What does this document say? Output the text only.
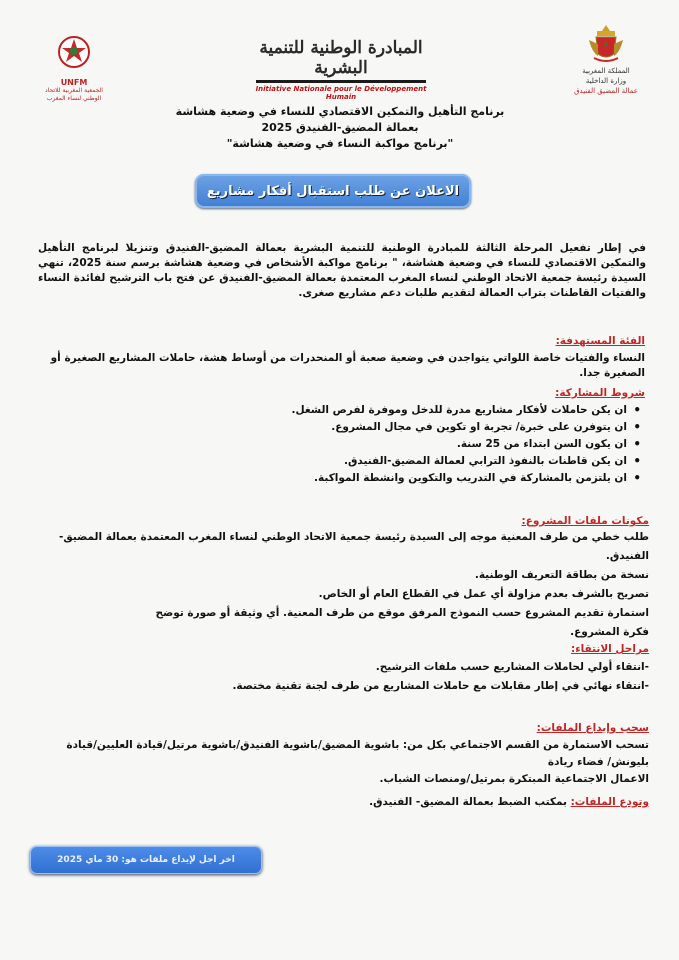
المملكة المغربية
وزارة الداخلية
عمالة المضيق الفنيدق
المبادرة الوطنية للتنمية البشرية
Initiative Nationale pour le Développement Humain
UNFM
الجمعية المغربية للاتحاد
الوطني لنساء المغرب
برنامج التأهيل والتمكين الاقتصادي للنساء في وضعية هشاشة
بعمالة المضيق-الفنيدق 2025
"برنامج مواكبة النساء في وضعية هشاشة"
الاعلان عن طلب استقبال أفكار مشاريع
في إطار تفعيل المرحلة الثالثة للمبادرة الوطنية للتنمية البشرية بعمالة المضيق-الفنيدق وتنزيلا لبرنامج التأهيل والتمكين الاقتصادي للنساء في وضعية هشاشة، " برنامج مواكبة الأشخاص في وضعية هشاشة برسم سنة 2025، تنهي السيدة رئيسة جمعية الاتحاد الوطني لنساء المغرب المعتمدة بعمالة المضيق-الفنيدق عن فتح باب الترشيح لفائدة النساء والفتيات القاطنات بتراب العمالة لتقديم طلبات دعم مشاريع صغرى.
الفئة المستهدفة:
النساء والفتيات خاصة اللواتي يتواجدن في وضعية صعبة أو المنحدرات من أوساط هشة، حاملات المشاريع الصغيرة أو الصغيرة جدا.
شروط المشاركة:
• ان يكن حاملات لأفكار مشاريع مدرة للدخل وموفرة لفرص الشغل.
• ان يتوفرن على خبرة/ تجربة او تكوين في مجال المشروع.
• ان يكون السن ابتداء من 25 سنة.
• ان يكن قاطنات بالنفوذ الترابي لعمالة المضيق-الفنيدق.
• ان يلتزمن بالمشاركة في التدريب والتكوين وانشطة المواكبة.
مكونات ملفات المشروع:
طلب خطي من طرف المعنية موجه إلى السيدة رئيسة جمعية الاتحاد الوطني لنساء المغرب المعتمدة بعمالة المضيق- الفنيدق.
نسخة من بطاقة التعريف الوطنية.
تصريح بالشرف بعدم مزاولة أي عمل في القطاع العام أو الخاص.
استمارة تقديم المشروع حسب النموذج المرفق موقع من طرف المعنية. أي وثيقة أو صورة توضح
فكرة المشروع.
مراحل الانتقاء:
-انتقاء أولي لحاملات المشاريع حسب ملفات الترشيح.
-انتقاء نهائي في إطار مقابلات مع حاملات المشاريع من طرف لجنة تقنية مختصة.
سحب وإيداع الملفات:
تسحب الاستمارة من القسم الاجتماعي بكل من: باشوية المضيق/باشوية الفنيدق/باشوية مرتيل/قيادة العليين/قيادة بليونش/ فضاء ريادة
الاعمال الاجتماعية المبتكرة بمرتيل/ومنصات الشباب.
وتودع الملفات: بمكتب الضبط بعمالة المضيق- الفنيدق.
اخر اجل لإيداع ملفات هو: 30 ماي 2025
